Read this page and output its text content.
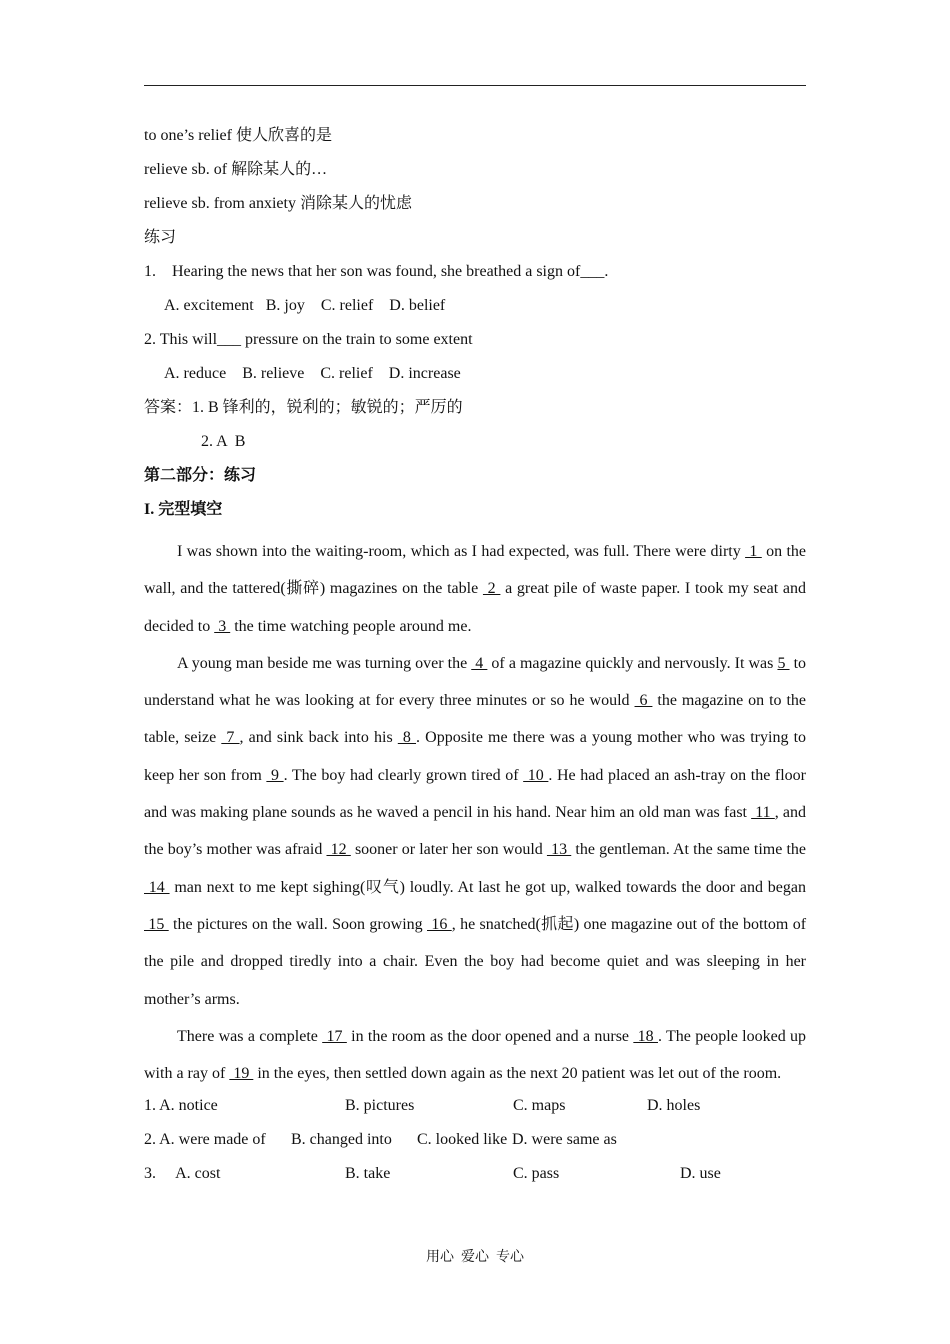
to one’s relief 使人欣喜的是
relieve sb. of 解除某人的…
relieve sb. from anxiety 消除某人的忧虑
练习
1.    Hearing the news that her son was found, she breathed a sign of___.
A. excitement   B. joy    C. relief    D. belief
2. This will___ pressure on the train to some extent
A. reduce    B. relieve    C. relief    D. increase
答案：1. B 锋利的，锐利的；敏锐的；严厉的
2. A  B
第二部分：练习
I. 完型填空

I was shown into the waiting-room, which as I had expected, was full. There were dirty  1  on the wall, and the tattered(撕碎) magazines on the table  2  a great pile of waste paper. I took my seat and decided to  3  the time watching people around me.

A young man beside me was turning over the  4  of a magazine quickly and nervously. It was 5  to understand what he was looking at for every three minutes or so he would  6  the magazine on to the table, seize  7 , and sink back into his  8 . Opposite me there was a young mother who was trying to keep her son from  9 . The boy had clearly grown tired of  10 . He had placed an ash-tray on the floor and was making plane sounds as he waved a pencil in his hand. Near him an old man was fast  11 , and the boy’s mother was afraid  12  sooner or later her son would  13  the gentleman. At the same time the  14  man next to me kept sighing(叹气) loudly. At last he got up, walked towards the door and began  15  the pictures on the wall. Soon growing  16 , he snatched(抓起) one magazine out of the bottom of the pile and dropped tiredly into a chair. Even the boy had become quiet and was sleeping in her mother’s arms.

There was a complete  17  in the room as the door opened and a nurse  18 . The people looked up with a ray of  19  in the eyes, then settled down again as the next 20 patient was let out of the room.

1. A. notice	B. pictures	C. maps	D. holes
2. A. were made of B. changed into C. looked like D. were same as
3.     A. cost	B. take	C. pass	D. use
用心  爱心  专心
